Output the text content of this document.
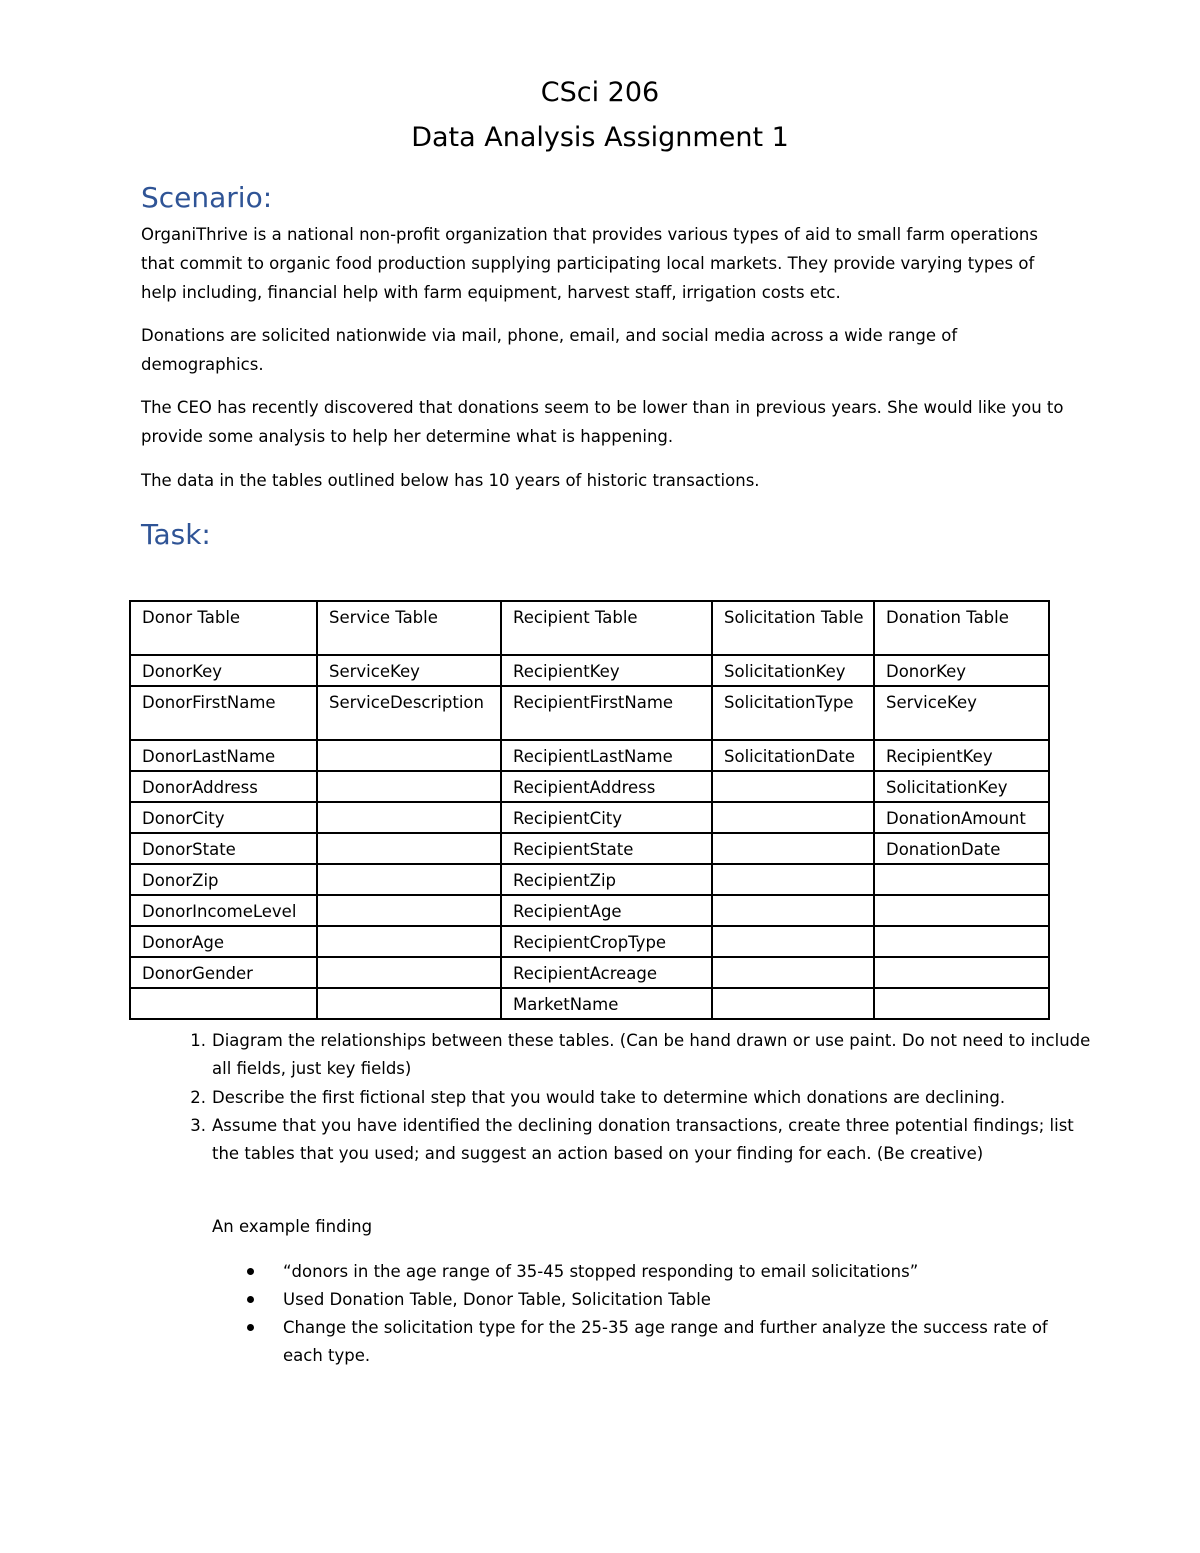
CSci 206
Data Analysis Assignment 1
Scenario:
OrganiThrive is a national non-profit organization that provides various types of aid to small farm operations that commit to organic food production supplying participating local markets. They provide varying types of help including, financial help with farm equipment, harvest staff, irrigation costs etc.
Donations are solicited nationwide via mail, phone, email, and social media across a wide range of demographics.
The CEO has recently discovered that donations seem to be lower than in previous years. She would like you to provide some analysis to help her determine what is happening.
The data in the tables outlined below has 10 years of historic transactions.
Task:
Donor Table	Service Table	Recipient Table	Solicitation Table	Donation Table
DonorKey	ServiceKey	RecipientKey	SolicitationKey	DonorKey
DonorFirstName	ServiceDescription	RecipientFirstName	SolicitationType	ServiceKey
DonorLastName		RecipientLastName	SolicitationDate	RecipientKey
DonorAddress		RecipientAddress		SolicitationKey
DonorCity		RecipientCity		DonationAmount
DonorState		RecipientState		DonationDate
DonorZip		RecipientZip		
DonorIncomeLevel		RecipientAge		
DonorAge		RecipientCropType		
DonorGender		RecipientAcreage		
		MarketName		
1. Diagram the relationships between these tables. (Can be hand drawn or use paint. Do not need to include all fields, just key fields)
2. Describe the first fictional step that you would take to determine which donations are declining.
3. Assume that you have identified the declining donation transactions, create three potential findings; list the tables that you used; and suggest an action based on your finding for each. (Be creative)
An example finding
“donors in the age range of 35-45 stopped responding to email solicitations”
Used Donation Table, Donor Table, Solicitation Table
Change the solicitation type for the 25-35 age range and further analyze the success rate of each type.
